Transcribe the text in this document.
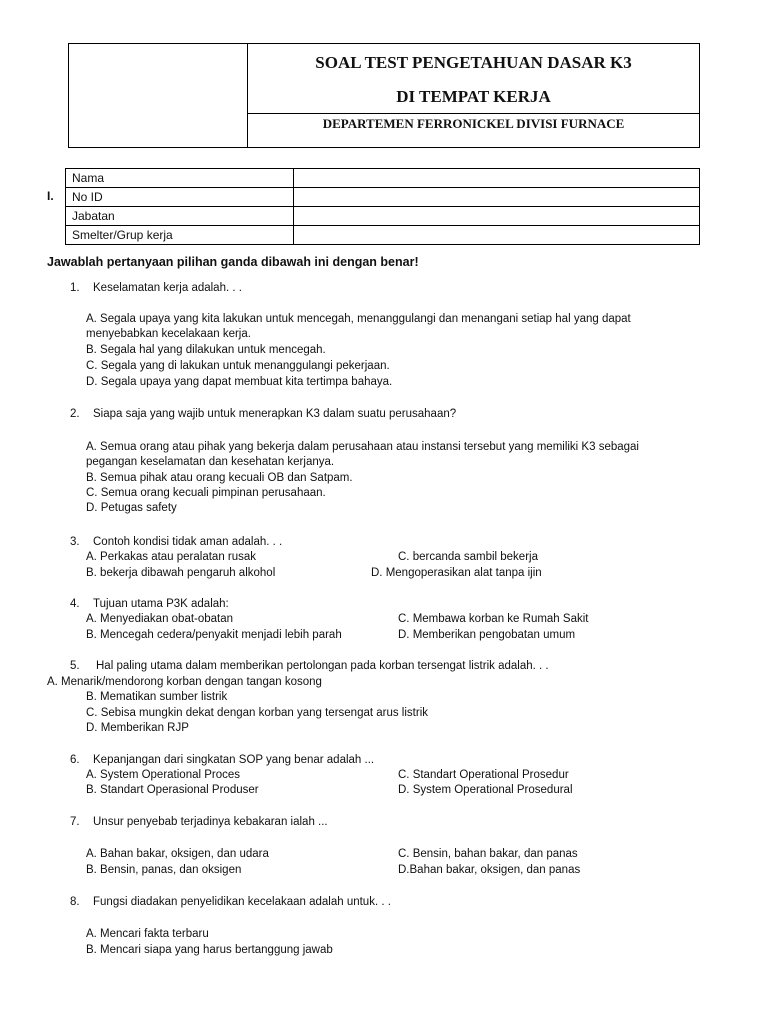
SOAL TEST PENGETAHUAN DASAR K3
DI TEMPAT KERJA

DEPARTEMEN FERRONICKEL DIVISI FURNACE
I.
Nama	
No ID	
Jabatan	
Smelter/Grup kerja	
Jawablah pertanyaan pilihan ganda dibawah ini dengan benar!
1. Keselamatan kerja adalah. . .
A. Segala upaya yang kita lakukan untuk mencegah, menanggulangi dan menangani setiap hal yang dapat
menyebabkan kecelakaan kerja.
B. Segala hal yang dilakukan untuk mencegah.
C. Segala yang di lakukan untuk menanggulangi pekerjaan.
D. Segala upaya yang dapat membuat kita tertimpa bahaya.
2. Siapa saja yang wajib untuk menerapkan K3 dalam suatu perusahaan?
A. Semua orang atau pihak yang bekerja dalam perusahaan atau instansi tersebut yang memiliki K3 sebagai
pegangan keselamatan dan kesehatan kerjanya.
B. Semua pihak atau orang kecuali OB dan Satpam.
C. Semua orang kecuali pimpinan perusahaan.
D. Petugas safety
3. Contoh kondisi tidak aman adalah. . .
A. Perkakas atau peralatan rusak	C. bercanda sambil bekerja
B. bekerja dibawah pengaruh alkohol	D. Mengoperasikan alat tanpa ijin
4. Tujuan utama P3K adalah:
A. Menyediakan obat-obatan	C. Membawa korban ke Rumah Sakit
B. Mencegah cedera/penyakit menjadi lebih parah	D. Memberikan pengobatan umum
5. Hal paling utama dalam memberikan pertolongan pada korban tersengat listrik adalah. . .
A. Menarik/mendorong korban dengan tangan kosong
B. Mematikan sumber listrik
C. Sebisa mungkin dekat dengan korban yang tersengat arus listrik
D. Memberikan RJP
6. Kepanjangan dari singkatan SOP yang benar adalah ...
A. System Operational Proces	C. Standart Operational Prosedur
B. Standart Operasional Produser	D. System Operational Prosedural
7. Unsur penyebab terjadinya kebakaran ialah ...
A. Bahan bakar, oksigen, dan udara	C. Bensin, bahan bakar, dan panas
B. Bensin, panas, dan oksigen	D.Bahan bakar, oksigen, dan panas
8. Fungsi diadakan penyelidikan kecelakaan adalah untuk. . .
A. Mencari fakta terbaru
B. Mencari siapa yang harus bertanggung jawab
